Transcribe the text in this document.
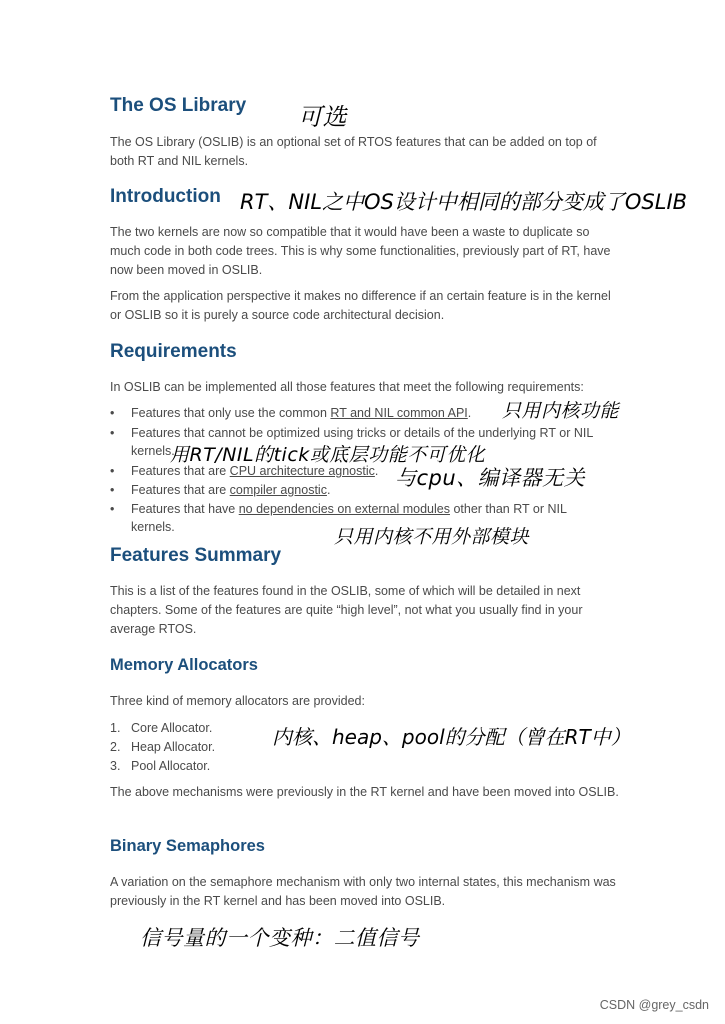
The OS Library

The OS Library (OSLIB) is an optional set of RTOS features that can be added on top of both RT and NIL kernels.

Introduction

The two kernels are now so compatible that it would have been a waste to duplicate so much code in both code trees. This is why some functionalities, previously part of RT, have now been moved in OSLIB.

From the application perspective it makes no difference if an certain feature is in the kernel or OSLIB so it is purely a source code architectural decision.

Requirements

In OSLIB can be implemented all those features that meet the following requirements:

•	Features that only use the common RT and NIL common API.
•	Features that cannot be optimized using tricks or details of the underlying RT or NIL kernels.
•	Features that are CPU architecture agnostic.
•	Features that are compiler agnostic.
•	Features that have no dependencies on external modules other than RT or NIL kernels.
Features Summary

This is a list of the features found in the OSLIB, some of which will be detailed in next chapters. Some of the features are quite “high level”, not what you usually find in your average RTOS.

Memory Allocators

Three kind of memory allocators are provided:

1. Core Allocator.
2. Heap Allocator.
3. Pool Allocator.

The above mechanisms were previously in the RT kernel and have been moved into OSLIB.

Binary Semaphores

A variation on the semaphore mechanism with only two internal states, this mechanism was previously in the RT kernel and has been moved into OSLIB.

可选
RT、NIL之中OS设计中相同的部分变成了OSLIB
只用内核功能
用RT/NIL的tick或底层功能不可优化
与cpu、编译器无关
只用内核不用外部模块
内核、heap、pool的分配（曾在RT中）
信号量的一个变种：二值信号
CSDN @grey_csdn
